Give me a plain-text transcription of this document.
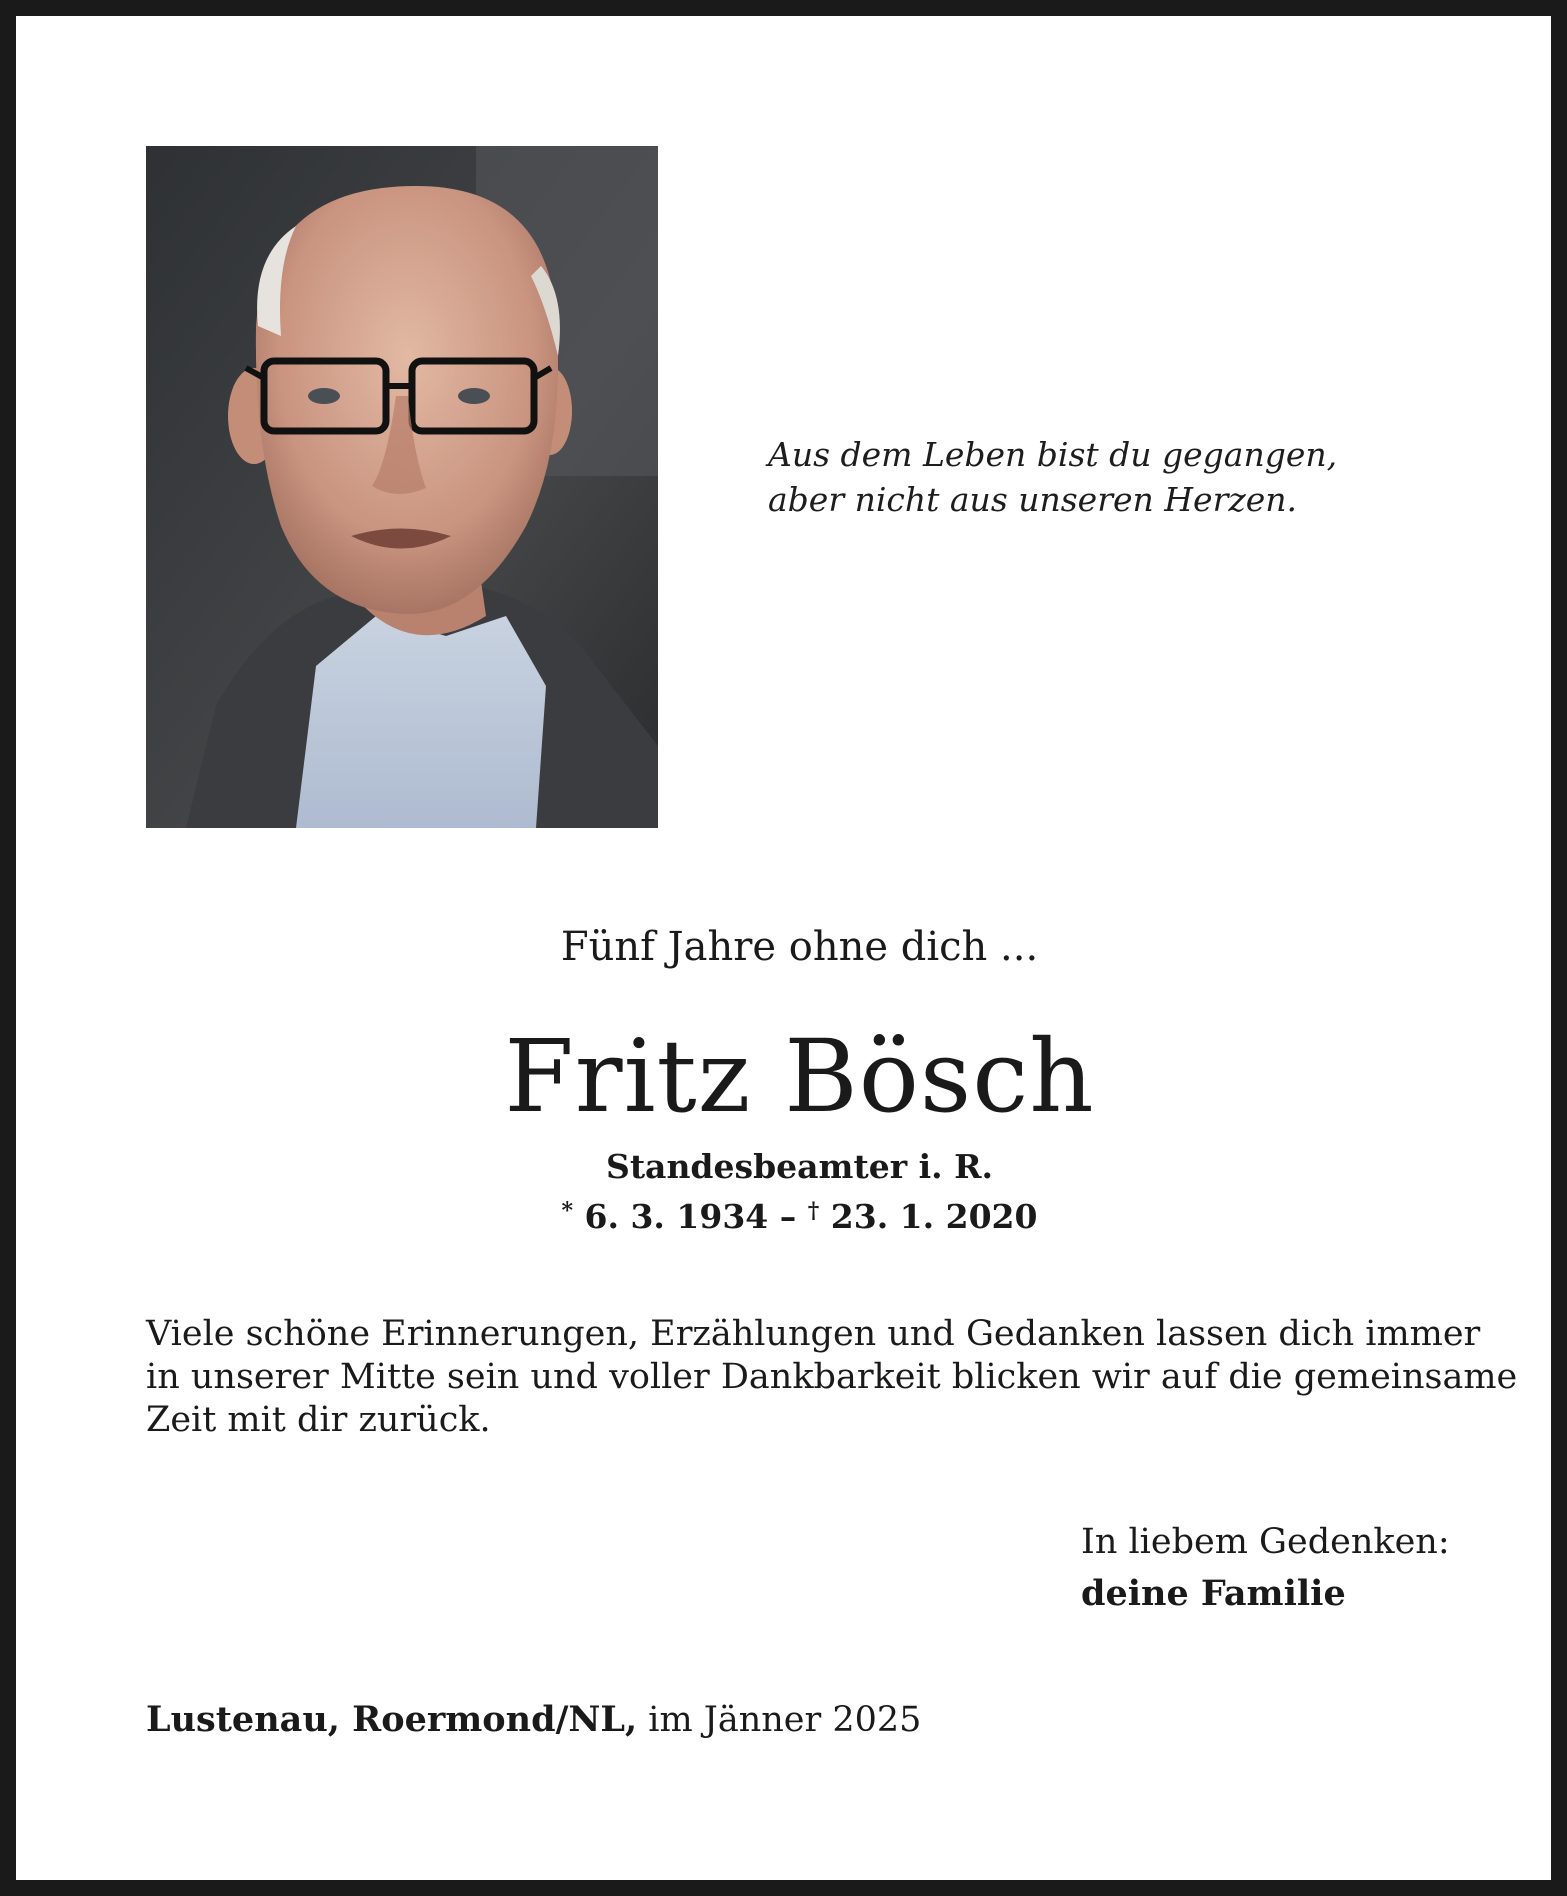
Aus dem Leben bist du gegangen,
aber nicht aus unseren Herzen.
Fünf Jahre ohne dich ...
Fritz Bösch
Standesbeamter i. R.
* 6. 3. 1934 – † 23. 1. 2020
Viele schöne Erinnerungen, Erzählungen und Gedanken lassen dich immer
in unserer Mitte sein und voller Dankbarkeit blicken wir auf die gemeinsame
Zeit mit dir zurück.
In liebem Gedenken:
deine Familie
Lustenau, Roermond/NL, im Jänner 2025
